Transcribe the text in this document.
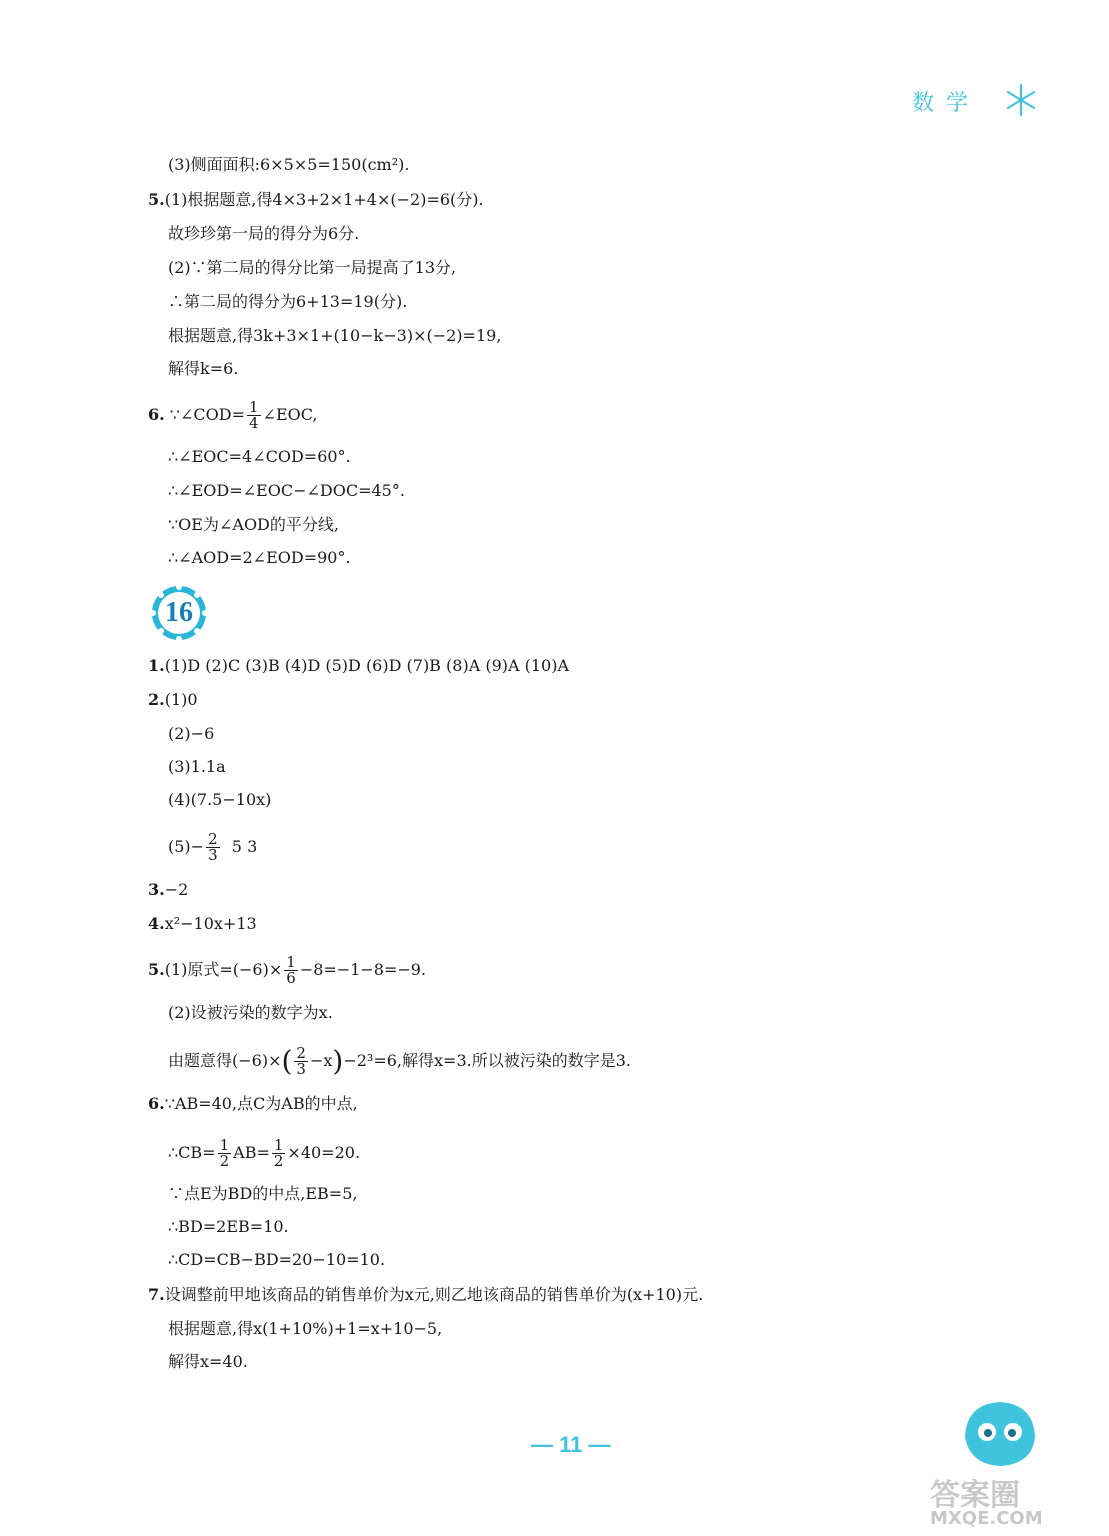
数学
(3)侧面面积:6×5×5=150(cm²).
5.(1)根据题意,得4×3+2×1+4×(−2)=6(分).
故珍珍第一局的得分为6分.
(2)∵第二局的得分比第一局提高了13分,
∴第二局的得分为6+13=19(分).
根据题意,得3k+3×1+(10−k−3)×(−2)=19,
解得k=6.
6. ∵∠COD= $\frac{1}{4}$ ∠EOC,
∴∠EOC=4∠COD=60°.
∴∠EOD=∠EOC−∠DOC=45°.
∵OE为∠AOD的平分线,
∴∠AOD=2∠EOD=90°.
16
1.(1)D (2)C (3)B (4)D (5)D (6)D (7)B (8)A (9)A (10)A
2.(1)0
(2)−6
(3)1.1a
(4)(7.5−10x)
$(5)- \frac{2}{3} 5$ 3
3.−2
4.x²−10x+13
5.(1)原式$=(-6)\times \frac{1}{6} -8=-1-8=-9$.
(2)设被污染的数字为x.
由题意得$(-6)\times( \frac{2}{3} -x)-2^3=6$,解得x=3.所以被污染的数字是3.
6.∵AB=40,点C为AB的中点,
∴CB= $\frac{1}{2} AB= \frac{1}{2} \times 40=20$.
∵点E为BD的中点,EB=5,
∴BD=2EB=10.
∴CD=CB−BD=20−10=10.
7.设调整前甲地该商品的销售单价为x元,则乙地该商品的销售单价为(x+10)元.
根据题意,得x(1+10%)+1=x+10−5,
解得x=40.
— 11 —
答案圈
MXQE.COM
